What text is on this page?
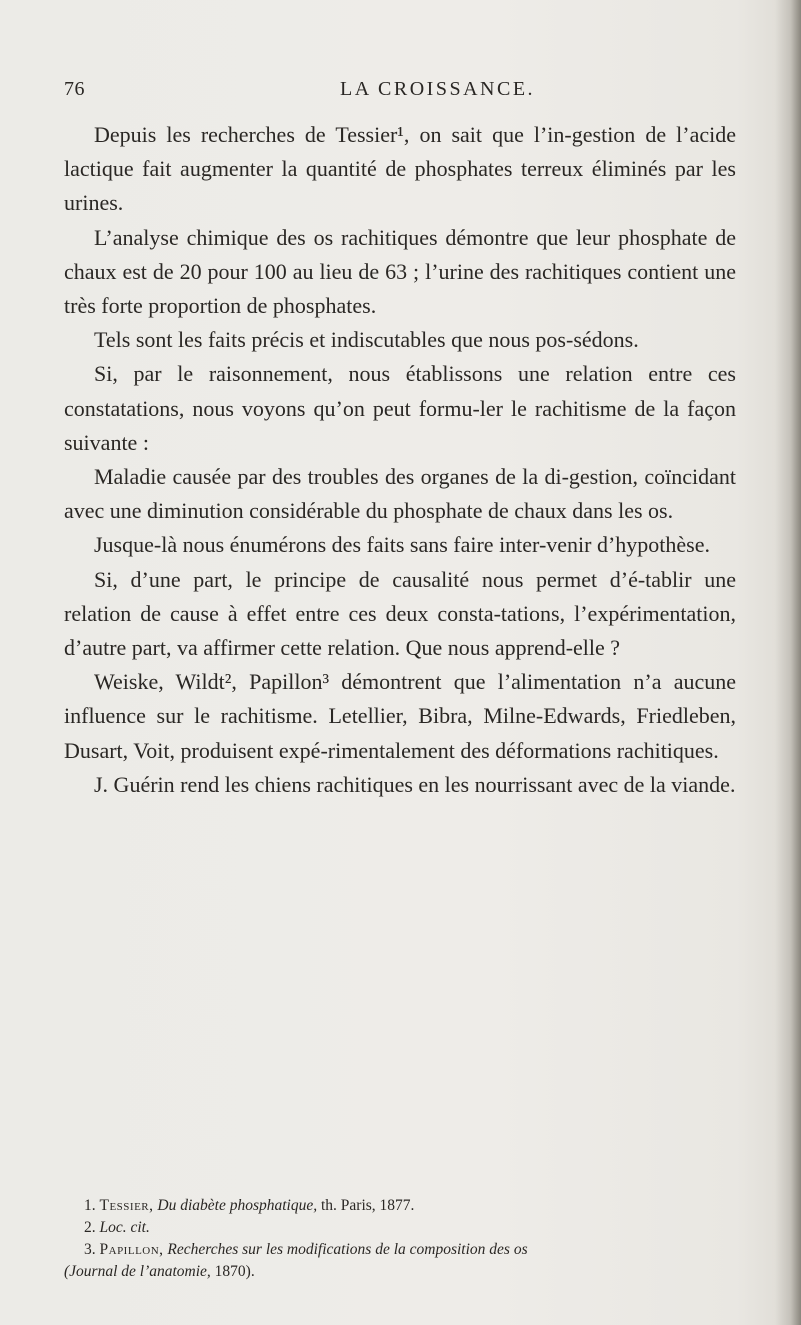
76	LA CROISSANCE.

Depuis les recherches de Tessier¹, on sait que l’in-gestion de l’acide lactique fait augmenter la quantité de phosphates terreux éliminés par les urines.

L’analyse chimique des os rachitiques démontre que leur phosphate de chaux est de 20 pour 100 au lieu de 63 ; l’urine des rachitiques contient une très forte proportion de phosphates.

Tels sont les faits précis et indiscutables que nous pos-sédons.

Si, par le raisonnement, nous établissons une relation entre ces constatations, nous voyons qu’on peut formu-ler le rachitisme de la façon suivante :

Maladie causée par des troubles des organes de la di-gestion, coïncidant avec une diminution considérable du phosphate de chaux dans les os.

Jusque-là nous énumérons des faits sans faire inter-venir d’hypothèse.

Si, d’une part, le principe de causalité nous permet d’é-tablir une relation de cause à effet entre ces deux consta-tations, l’expérimentation, d’autre part, va affirmer cette relation. Que nous apprend-elle ?

Weiske, Wildt², Papillon³ démontrent que l’alimentation n’a aucune influence sur le rachitisme. Letellier, Bibra, Milne-Edwards, Friedleben, Dusart, Voit, produisent expé-rimentalement des déformations rachitiques.

J. Guérin rend les chiens rachitiques en les nourrissant avec de la viande.

1. Tessier, Du diabète phosphatique, th. Paris, 1877.

2. Loc. cit.

3. Papillon, Recherches sur les modifications de la composition des os

(Journal de l’anatomie, 1870).
